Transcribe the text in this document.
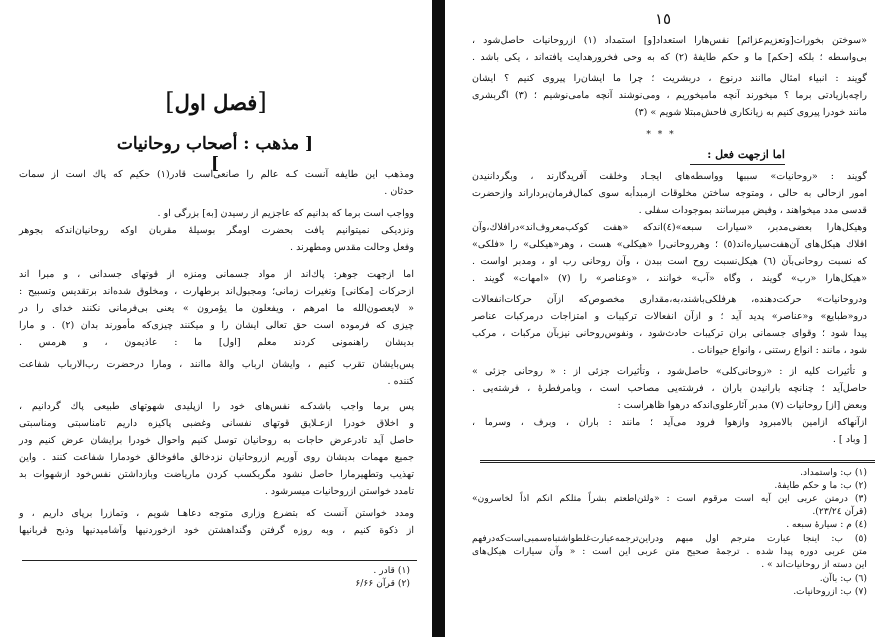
[فصل اول]
[ مذهب : أصحاب روحانيات ]
ومذهب اين طايفه آنست كـه عالم را صانعی‌است قادر(۱) حكيم كه پاك است از سمات
حدثان .
وواجب است برما كه بدانيم كه عاجزيم از رسيدن [به] بزرگی او .
ونزديكی نميتوانيم يافت بحضرت اومگر بوسيلهٔ مقربان اوكه روحانيان‌اندكه بجوهر
وفعل وحالت مقدس ومطهرند .
اما ازجهت جوهر: پاك‌اند از مواد جسمانی ومنزه از قوتهای جسدانی ، و مبرا اند
ازحركات [مكانی] وتغيرات زمانی؛ ومجبول‌اند برطهارت ، ومخلوق شده‌اند برتقديس وتسبيح :
« لايعصون‌الله ما امرهم ، ويفعلون ما يؤمرون » يعنی بی‌فرمانی نكنند خدای را در
چيزی كه فرموده است حق تعالی ايشان را و ميكنند چيزی‌كه مأمورند بدان (۲) . و مارا
بديشان راهنمونی كردند معلم [اول] ما : عاذيمون ، و هرمس .
پس‌بايشان تقرب كنيم ، وايشان ارباب والهٔ ماانند ، ومارا درحضرت رب‌الارباب شفاعت
كننده .
پس برما واجب باشدكـه نفس‌های خود را ازپليدی شهوتهای طبيعی پاك گردانيم ،
و اخلاق خودرا ازعـلايق قوتهای نفسانی وغضبی پاكيزه داريم تامناسبتی ومناسبتی
حاصل آيد تادرعرض حاجات به روحانيان توسل كنيم واحوال خودرا برايشان عرض كنيم ودر
جميع مهمات بديشان روی آوريم ازروحانيان نزدخالق مافوخالق خودمارا شفاعت كنند . واين
تهذيب وتطهيرمارا حاصل نشود مگربكسب كردن مارياضت وبازداشتن نفس‌خود ازشهوات بد
تامدد خواستن ازروحانيات ميسرشود .
ومدد خواستن آنست كه بتضرع وزاری متوجه دعاهـا شويم ، وتمازرا برپای داريم ، و
از ذكوة كنيم ، وبه روزه گرفتن وگنداهشتن خود ازخوردنيها وآشاميدنيها وذبح قربانيها
(۱) قادر .
(۲) قرآن ۶/۶۶
١٥
«سوختن بخورات[وتعزيم‌عزائم] نفس‌هارا استعداد[و] استمداد (۱) ازروحانيات حاصل‌شود ،
بی‌واسطه ؛ بلكه [حكم] ما و حكم طايفهٔ (۲) كه به وحی فخرورهدايت يافته‌اند ، يكی باشد .
گويند : انبياء امثال ماانند درنوع ، دربشريت ؛ چرا ما ايشان‌را پيروی كنيم ؟ ايشان
راچه‌بازيادتی برما ؟ ميخورند آنچه ماميخوريم ، ومی‌نوشند آنچه مامی‌نوشيم ؛ (۳) اگربشری
مانند خودرا پيروی كنيم به زيانكاری فاحش‌مبتلا شويم » (۳)
* * *
اما ازجهت فعل :
گويند : «روحانيات» سببها وواسطه‌های ايجـاد وخلقت آفريدگارند ، وبگرداننيدن
امور ازحالی به حالی ، ومتوجه ساختن مخلوقات ازمبدأبه سوی كمال‌فرمان‌برداراند وازحضرت
قدسی مدد ميخواهند ، وفيض ميرسانند بموجودات سفلی .
وهيكل‌هارا بعضی‌مدبر، «سيارات سبعه»(٤)اندكه «هفت‌ كوكب‌معروف‌اند»درافلاك،وآن
افلاك هيكل‌های آن‌هفت‌سياره‌اند(٥) ؛ وهرروحانی‌را «هيكلی» هست ، وهر«هيكلی» را «فلكی»
كه نسبت روحانی‌بآن (٦) هيكل‌نسبت روح است ببدن ، وآن روحانی رب او ، ومدبر اواست .
«هيكل‌هارا «رب» گويند ، وگاه «آب» خوانند ، «وعناصر» را (٧) «امهات» گويند .
ودروحانيات» حركت‌دهنده، هرفلكی‌باشند،به،مقداری مخصوص‌كه ازآن حركات‌انفعالات
درو«طبايع» و«عناصر» پديد آيد ؛ و ازآن انفعالات تركيبات و امتزاجات درمركبات عناصر
پيدا شود ؛ وقوای جسمانی‌ بران تركيبات حادث‌شود ، ونفوس‌روحانی نيزبآن مركبات ، مركب
شود ، مانند : انواع رستنی ، وانواع حيوانات .
و تأثيرات كليه از : «روحانی‌كلی» حاصل‌شود ، وتأثيرات جزئی از : « روحانی جزئی »
حاصل‌آيد ؛ چنانچه بارانيدن باران ، فرشته‌يی مصاحب است ، وبامرفطرهٔ ، فرشته‌يی .
وبعض [از] روحانيات (۷) مدبر آثارعلوی‌اندكه درهوا ظاهراست :
ازآنها‌كه ازامين بالامبرود وازهوا فرود می‌آيد ؛ مانند : باران ، وبرف ، وسرما ،
[ وباد ] .
(۱) ب: واستمداد.
(۲) ب: ما و حكم طايفهٔ.
(۳) درمتن عربی اين آيه است مرقوم است : «ولئن‌اطعتم بشراً مثلكم انكم اذاً لخاسرون»
(قرآن ۲۳/۲٤).
(٤) م : سيارهٔ سبعه .
(٥) ب: اينجا عبارت مترجم اول مبهم ودراين‌ترجمه‌عبارت‌غلطواشتباه‌سمبی‌است‌كه‌درفهم
متن عربی دوره پيدا شده . ترجمهٔ صحيح متن عربی اين است : « وآن سيارات هيكل‌های
اين دسته از روحانيات‌اند » .
(٦) ب: باآن.
(۷) ب: ازروحانيات.
